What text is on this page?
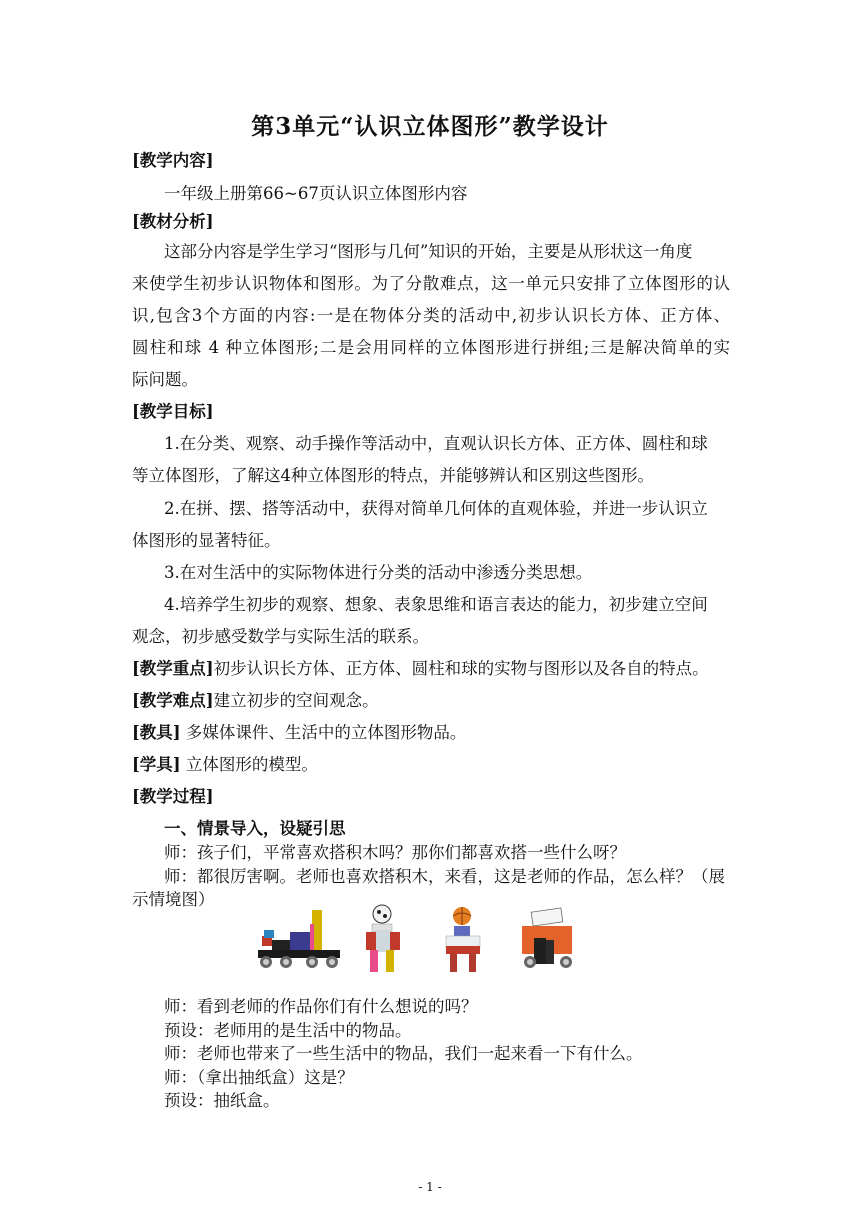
第3单元“认识立体图形”教学设计
[教学内容]
一年级上册第66~67页认识立体图形内容
[教材分析]
这部分内容是学生学习“图形与几何”知识的开始，主要是从形状这一角度
来使学生初步认识物体和图形。为了分散难点，这一单元只安排了立体图形的认
识,包含3个方面的内容:一是在物体分类的活动中,初步认识长方体、正方体、
圆柱和球 4 种立体图形;二是会用同样的立体图形进行拼组;三是解决简单的实
际问题。
[教学目标]
1.在分类、观察、动手操作等活动中，直观认识长方体、正方体、圆柱和球
等立体图形，了解这4种立体图形的特点，并能够辨认和区别这些图形。
2.在拼、摆、搭等活动中，获得对简单几何体的直观体验，并进一步认识立
体图形的显著特征。
3.在对生活中的实际物体进行分类的活动中渗透分类思想。
4.培养学生初步的观察、想象、表象思维和语言表达的能力，初步建立空间
观念，初步感受数学与实际生活的联系。
[教学重点]初步认识长方体、正方体、圆柱和球的实物与图形以及各自的特点。
[教学难点]建立初步的空间观念。
[教具] 多媒体课件、生活中的立体图形物品。
[学具] 立体图形的模型。
[教学过程]
一、情景导入，设疑引思
师：孩子们，平常喜欢搭积木吗？那你们都喜欢搭一些什么呀？
师：都很厉害啊。老师也喜欢搭积木，来看，这是老师的作品，怎么样？（展
示情境图）
师：看到老师的作品你们有什么想说的吗？
预设：老师用的是生活中的物品。
师：老师也带来了一些生活中的物品，我们一起来看一下有什么。
师：（拿出抽纸盒）这是？
预设：抽纸盒。
- 1 -
